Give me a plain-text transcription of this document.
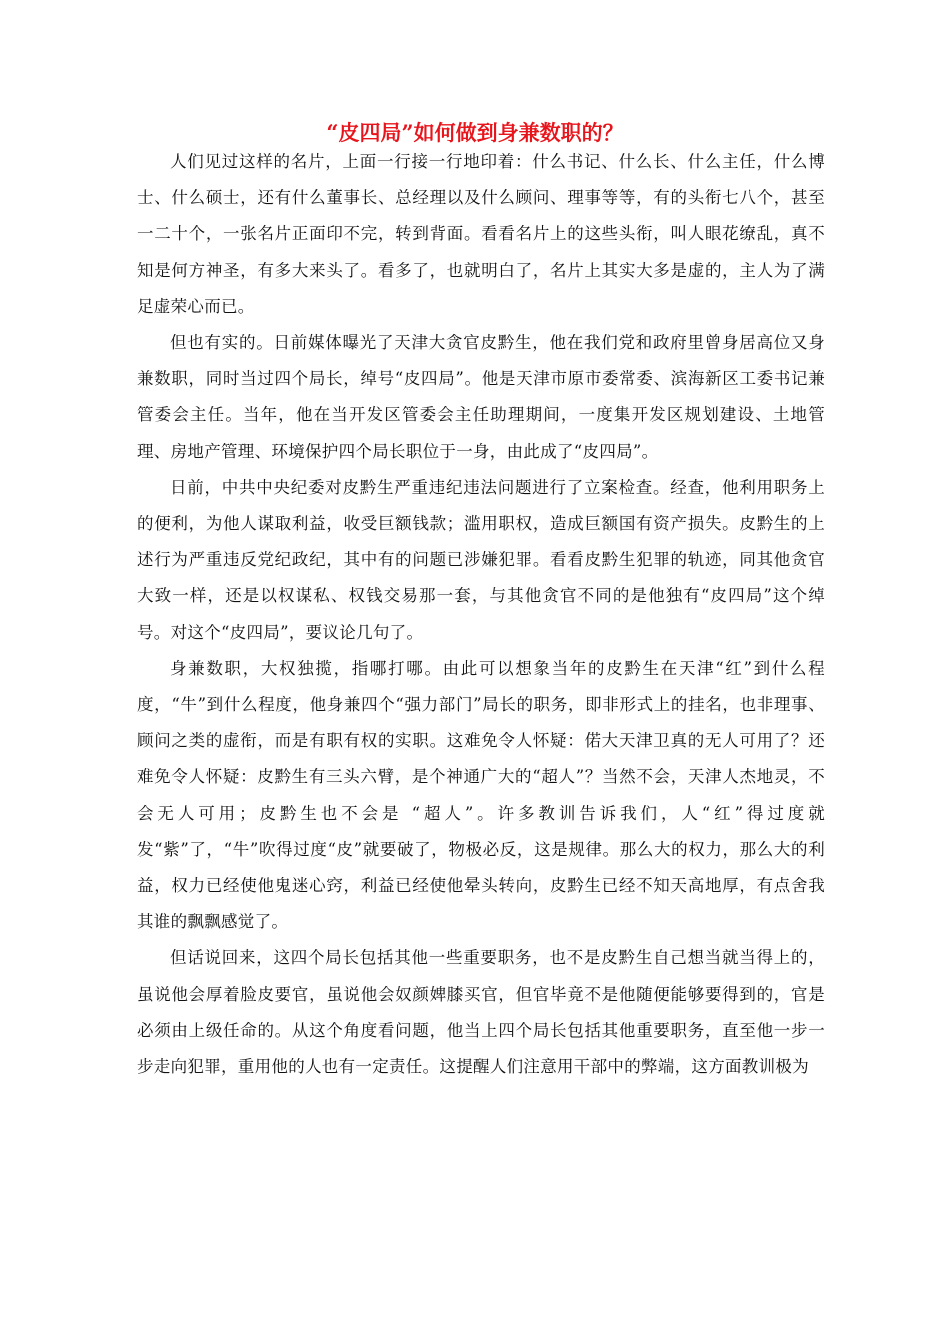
“皮四局”如何做到身兼数职的？

人们见过这样的名片，上面一行接一行地印着：什么书记、什么长、什么主任，什么博士、什么硕士，还有什么董事长、总经理以及什么顾问、理事等等，有的头衔七八个，甚至一二十个，一张名片正面印不完，转到背面。看看名片上的这些头衔，叫人眼花缭乱，真不知是何方神圣，有多大来头了。看多了，也就明白了，名片上其实大多是虚的，主人为了满足虚荣心而已。

但也有实的。日前媒体曝光了天津大贪官皮黔生，他在我们党和政府里曾身居高位又身兼数职，同时当过四个局长，绰号“皮四局”。他是天津市原市委常委、滨海新区工委书记兼管委会主任。当年，他在当开发区管委会主任助理期间，一度集开发区规划建设、土地管理、房地产管理、环境保护四个局长职位于一身，由此成了“皮四局”。

日前，中共中央纪委对皮黔生严重违纪违法问题进行了立案检查。经查，他利用职务上的便利，为他人谋取利益，收受巨额钱款；滥用职权，造成巨额国有资产损失。皮黔生的上述行为严重违反党纪政纪，其中有的问题已涉嫌犯罪。看看皮黔生犯罪的轨迹，同其他贪官大致一样，还是以权谋私、权钱交易那一套，与其他贪官不同的是他独有“皮四局”这个绰号。对这个“皮四局”，要议论几句了。

身兼数职，大权独揽，指哪打哪。由此可以想象当年的皮黔生在天津“红”到什么程度，“牛”到什么程度，他身兼四个“强力部门”局长的职务，即非形式上的挂名，也非理事、顾问之类的虚衔，而是有职有权的实职。这难免令人怀疑：偌大天津卫真的无人可用了？还难免令人怀疑：皮黔生有三头六臂，是个神通广大的“超人”？当然不会，天津人杰地灵，不会无人可用；皮黔生也不会是 “超人”。许多教训告诉我们，人“红”得过度就发“紫”了，“牛”吹得过度“皮”就要破了，物极必反，这是规律。那么大的权力，那么大的利益，权力已经使他鬼迷心窍，利益已经使他晕头转向，皮黔生已经不知天高地厚，有点舍我其谁的飘飘感觉了。

但话说回来，这四个局长包括其他一些重要职务，也不是皮黔生自己想当就当得上的，虽说他会厚着脸皮要官，虽说他会奴颜婢膝买官，但官毕竟不是他随便能够要得到的，官是必须由上级任命的。从这个角度看问题，他当上四个局长包括其他重要职务，直至他一步一步走向犯罪，重用他的人也有一定责任。这提醒人们注意用干部中的弊端，这方面教训极为
